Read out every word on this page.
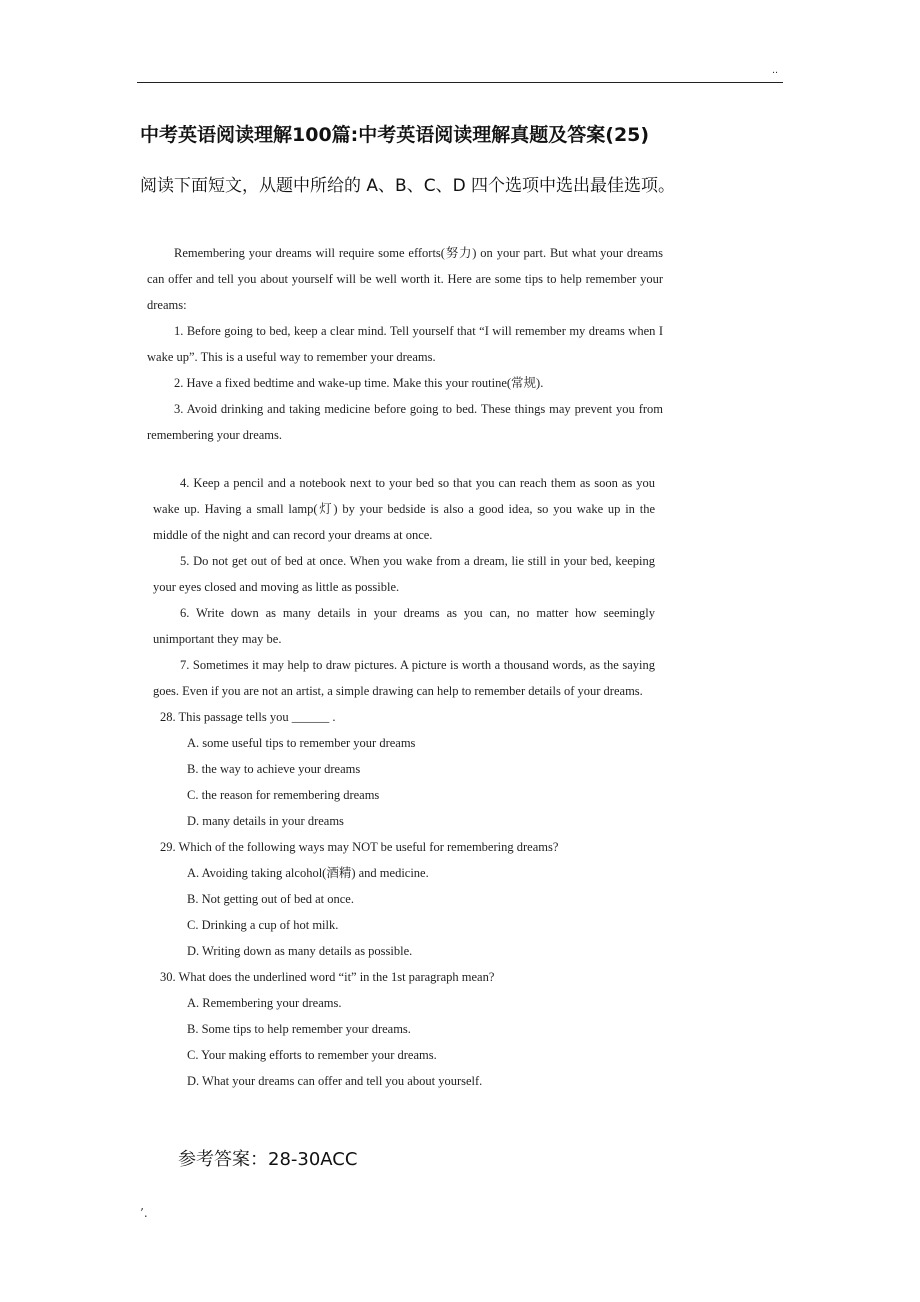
..
中考英语阅读理解100篇:中考英语阅读理解真题及答案(25)
阅读下面短文，从题中所给的 A、B、C、D 四个选项中选出最佳选项。

Remembering your dreams will require some efforts(努力) on your part. But what your dreams can offer and tell you about yourself will be well worth it. Here are some tips to help remember your dreams:

1. Before going to bed, keep a clear mind. Tell yourself that “I will remember my dreams when I wake up”. This is a useful way to remember your dreams.

2. Have a fixed bedtime and wake-up time. Make this your routine(常规).

3. Avoid drinking and taking medicine before going to bed. These things may prevent you from remembering your dreams.

4. Keep a pencil and a notebook next to your bed so that you can reach them as soon as you wake up. Having a small lamp(灯) by your bedside is also a good idea, so you wake up in the middle of the night and can record your dreams at once.

5. Do not get out of bed at once. When you wake from a dream, lie still in your bed, keeping your eyes closed and moving as little as possible.

6. Write down as many details in your dreams as you can, no matter how seemingly unimportant they may be.

7. Sometimes it may help to draw pictures. A picture is worth a thousand words, as the saying goes. Even if you are not an artist, a simple drawing can help to remember details of your dreams.

28. This passage tells you ______ .

A. some useful tips to remember your dreams

B. the way to achieve your dreams

C. the reason for remembering dreams

D. many details in your dreams

29. Which of the following ways may NOT be useful for remembering dreams?

A. Avoiding taking alcohol(酒精) and medicine.

B. Not getting out of bed at once.

C. Drinking a cup of hot milk.

D. Writing down as many details as possible.

30. What does the underlined word “it” in the 1st paragraph mean?

A. Remembering your dreams.

B. Some tips to help remember your dreams.

C. Your making efforts to remember your dreams.

D. What your dreams can offer and tell you about yourself.

参考答案：28-30ACC
’.
